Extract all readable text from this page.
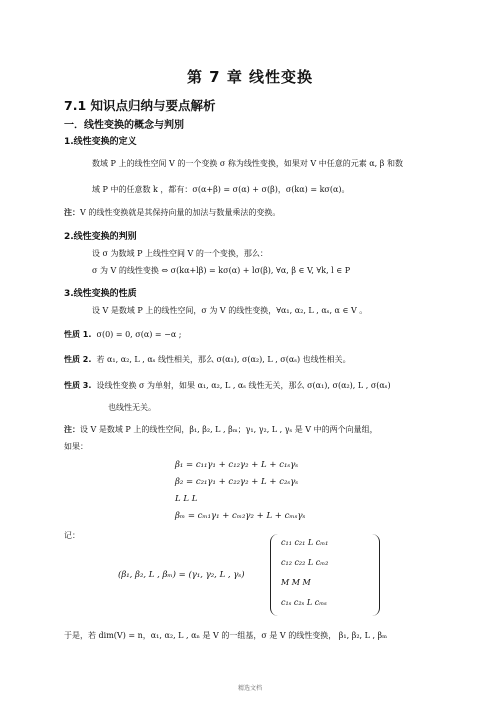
第 7 章 线性变换
7.1 知识点归纳与要点解析
一．线性变换的概念与判別
1.线性变换的定义
数域 P 上的线性空间 V 的一个变换 σ 称为线性变换，如果对 V 中任意的元素 α, β 和数
域 P 中的任意数 k ，都有：σ(α+β) = σ(α) + σ(β)，σ(kα) = kσ(α)。
注：V 的线性变换就是其保持向量的加法与数量乘法的变换。
2.线性变换的判别
设 σ 为数域 P 上线性空间 V 的一个变换，那么：
σ 为 V 的线性变换 ⇔ σ(kα+lβ) = kσ(α) + lσ(β), ∀α, β ∈ V, ∀k, l ∈ P
3.线性变换的性质
设 V 是数域 P 上的线性空间，σ 为 V 的线性变换，∀α₁, α₂, L , αₛ, α ∈ V 。
性质 1. σ(0) = 0, σ(α) = −α ;
性质 2. 若 α₁, α₂, L , αₛ 线性相关，那么 σ(α₁), σ(α₂), L , σ(αₛ) 也线性相关。
性质 3. 设线性变换 σ 为单射，如果 α₁, α₂, L , αₛ 线性无关，那么 σ(α₁), σ(α₂), L , σ(αₛ)
也线性无关。
注：设 V 是数域 P 上的线性空间，β₁, β₂, L , βₘ；γ₁, γ₂, L , γₛ 是 V 中的两个向量组，
如果：
β₁ = c₁₁γ₁ + c₁₂γ₂ + L + c₁ₛγₛ
β₂ = c₂₁γ₁ + c₂₂γ₂ + L + c₂ₛγₛ
L L L
βₘ = cₘ₁γ₁ + cₘ₂γ₂ + L + cₘₛγₛ
记：
(β₁, β₂, L , βₘ) = (γ₁, γ₂, L , γₛ)
c₁₁ c₂₁ L cₘ₁
c₁₂ c₂₂ L cₘ₂
M M M
c₁ₛ c₂ₛ L cₘₛ
于是，若 dim(V) = n，α₁, α₂, L , αₙ 是 V 的一组基，σ 是 V 的线性变换， β₁, β₂, L , βₘ
精选文档
